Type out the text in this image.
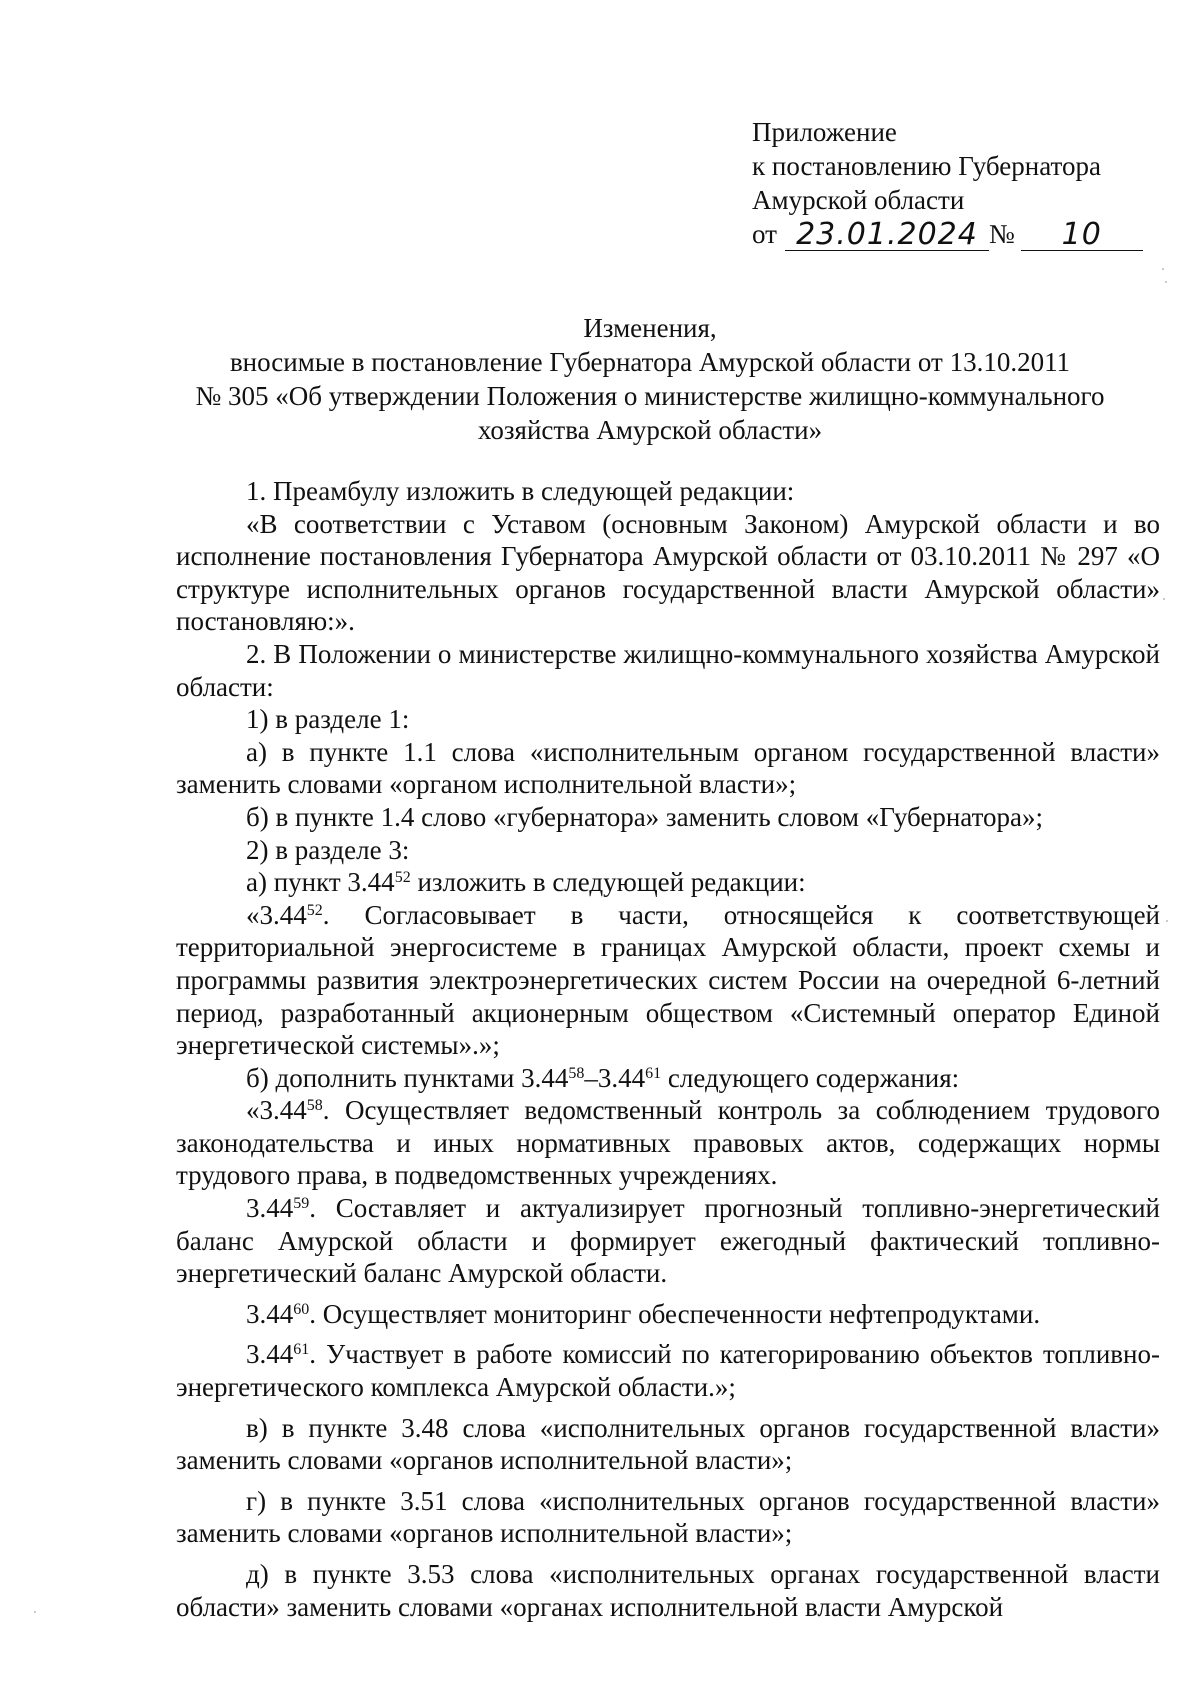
Приложение
к постановлению Губернатора
Амурской области
от 23.01.2024 №	10
Изменения,
вносимые в постановление Губернатора Амурской области от 13.10.2011
№ 305 «Об утверждении Положения о министерстве жилищно-коммунального
хозяйства Амурской области»

1. Преамбулу изложить в следующей редакции:

«В соответствии с Уставом (основным Законом) Амурской области и во исполнение постановления Губернатора Амурской области от 03.10.2011 № 297 «О структуре исполнительных органов государственной власти Амурской области» постановляю:».

2. В Положении о министерстве жилищно-коммунального хозяйства Амурской области:

1) в разделе 1:

а) в пункте 1.1 слова «исполнительным органом государственной власти» заменить словами «органом исполнительной власти»;

б) в пункте 1.4 слово «губернатора» заменить словом «Губернатора»;

2) в разделе 3:

а) пункт 3.44$^{52}$ изложить в следующей редакции:

«3.44$^{52}$. Согласовывает в части, относящейся к соответствующей территориальной энергосистеме в границах Амурской области, проект схемы и программы развития электроэнергетических систем России на очередной 6-летний период, разработанный акционерным обществом «Системный оператор Единой энергетической системы».»;

б) дополнить пунктами 3.44$^{58}$–3.44$^{61}$ следующего содержания:

«3.44$^{58}$. Осуществляет ведомственный контроль за соблюдением трудового законодательства и иных нормативных правовых актов, содержащих нормы трудового права, в подведомственных учреждениях.

3.44$^{59}$. Составляет и актуализирует прогнозный топливно-энергетический баланс Амурской области и формирует ежегодный фактический топливно-энергетический баланс Амурской области.

3.44$^{60}$. Осуществляет мониторинг обеспеченности нефтепродуктами.

3.44$^{61}$. Участвует в работе комиссий по категорированию объектов топливно-энергетического комплекса Амурской области.»;

в) в пункте 3.48 слова «исполнительных органов государственной власти» заменить словами «органов исполнительной власти»;

г) в пункте 3.51 слова «исполнительных органов государственной власти» заменить словами «органов исполнительной власти»;

д) в пункте 3.53 слова «исполнительных органах государственной власти области» заменить словами «органах исполнительной власти Амурской
